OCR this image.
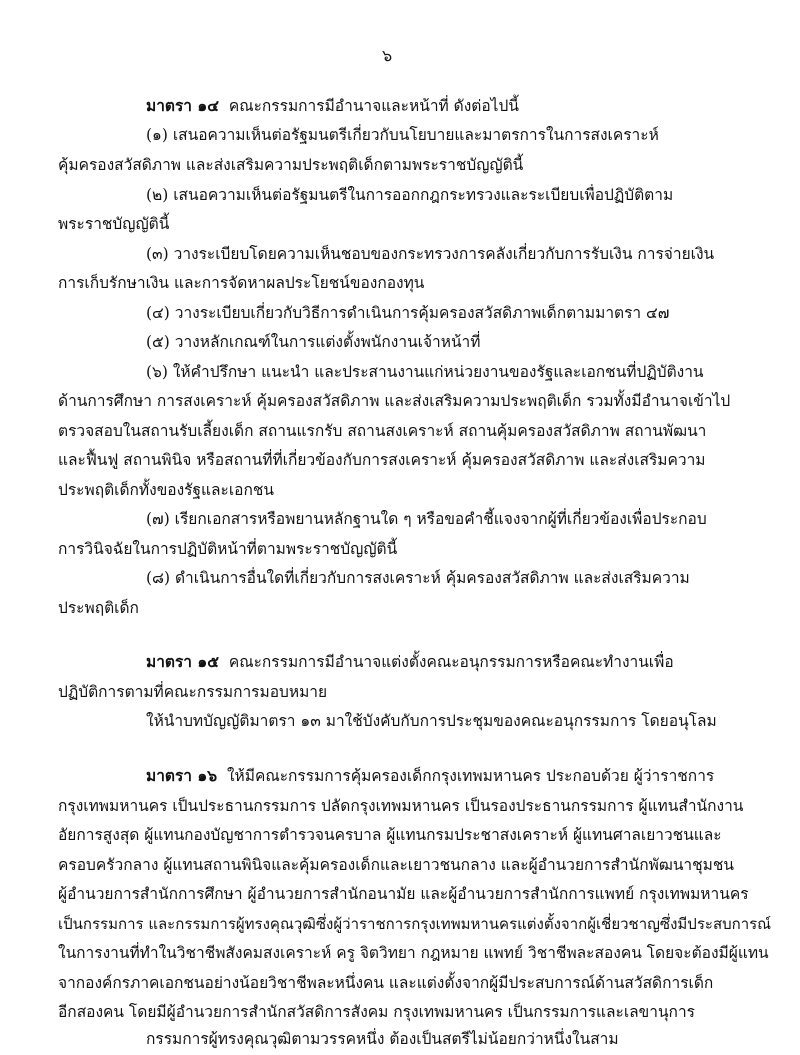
๖

มาตรา ๑๔ คณะกรรมการมีอำนาจและหน้าที่ ดังต่อไปนี้

(๑) เสนอความเห็นต่อรัฐมนตรีเกี่ยวกับนโยบายและมาตรการในการสงเคราะห์

คุ้มครองสวัสดิภาพ และส่งเสริมความประพฤติเด็กตามพระราชบัญญัตินี้

(๒) เสนอความเห็นต่อรัฐมนตรีในการออกกฎกระทรวงและระเบียบเพื่อปฏิบัติตาม

พระราชบัญญัตินี้

(๓) วางระเบียบโดยความเห็นชอบของกระทรวงการคลังเกี่ยวกับการรับเงิน การจ่ายเงิน

การเก็บรักษาเงิน และการจัดหาผลประโยชน์ของกองทุน

(๔) วางระเบียบเกี่ยวกับวิธีการดำเนินการคุ้มครองสวัสดิภาพเด็กตามมาตรา ๔๗

(๕) วางหลักเกณฑ์ในการแต่งตั้งพนักงานเจ้าหน้าที่

(๖) ให้คำปรึกษา แนะนำ และประสานงานแก่หน่วยงานของรัฐและเอกชนที่ปฏิบัติงาน

ด้านการศึกษา การสงเคราะห์ คุ้มครองสวัสดิภาพ และส่งเสริมความประพฤติเด็ก รวมทั้งมีอำนาจเข้าไป

ตรวจสอบในสถานรับเลี้ยงเด็ก สถานแรกรับ สถานสงเคราะห์ สถานคุ้มครองสวัสดิภาพ สถานพัฒนา

และฟื้นฟู สถานพินิจ หรือสถานที่ที่เกี่ยวข้องกับการสงเคราะห์ คุ้มครองสวัสดิภาพ และส่งเสริมความ

ประพฤติเด็กทั้งของรัฐและเอกชน

(๗) เรียกเอกสารหรือพยานหลักฐานใด ๆ หรือขอคำชี้แจงจากผู้ที่เกี่ยวข้องเพื่อประกอบ

การวินิจฉัยในการปฏิบัติหน้าที่ตามพระราชบัญญัตินี้

(๘) ดำเนินการอื่นใดที่เกี่ยวกับการสงเคราะห์ คุ้มครองสวัสดิภาพ และส่งเสริมความ

ประพฤติเด็ก

มาตรา ๑๕ คณะกรรมการมีอำนาจแต่งตั้งคณะอนุกรรมการหรือคณะทำงานเพื่อ

ปฏิบัติการตามที่คณะกรรมการมอบหมาย

ให้นำบทบัญญัติมาตรา ๑๓ มาใช้บังคับกับการประชุมของคณะอนุกรรมการ โดยอนุโลม

มาตรา ๑๖ ให้มีคณะกรรมการคุ้มครองเด็กกรุงเทพมหานคร ประกอบด้วย ผู้ว่าราชการ

กรุงเทพมหานคร เป็นประธานกรรมการ ปลัดกรุงเทพมหานคร เป็นรองประธานกรรมการ ผู้แทนสำนักงาน

อัยการสูงสุด ผู้แทนกองบัญชาการตำรวจนครบาล ผู้แทนกรมประชาสงเคราะห์ ผู้แทนศาลเยาวชนและ

ครอบครัวกลาง ผู้แทนสถานพินิจและคุ้มครองเด็กและเยาวชนกลาง และผู้อำนวยการสำนักพัฒนาชุมชน

ผู้อำนวยการสำนักการศึกษา ผู้อำนวยการสำนักอนามัย และผู้อำนวยการสำนักการแพทย์ กรุงเทพมหานคร

เป็นกรรมการ และกรรมการผู้ทรงคุณวุฒิซึ่งผู้ว่าราชการกรุงเทพมหานครแต่งตั้งจากผู้เชี่ยวชาญซึ่งมีประสบการณ์

ในการงานที่ทำในวิชาชีพสังคมสงเคราะห์ ครู จิตวิทยา กฎหมาย แพทย์ วิชาชีพละสองคน โดยจะต้องมีผู้แทน

จากองค์กรภาคเอกชนอย่างน้อยวิชาชีพละหนึ่งคน และแต่งตั้งจากผู้มีประสบการณ์ด้านสวัสดิการเด็ก

อีกสองคน โดยมีผู้อำนวยการสำนักสวัสดิการสังคม กรุงเทพมหานคร เป็นกรรมการและเลขานุการ

กรรมการผู้ทรงคุณวุฒิตามวรรคหนึ่ง ต้องเป็นสตรีไม่น้อยกว่าหนึ่งในสาม
